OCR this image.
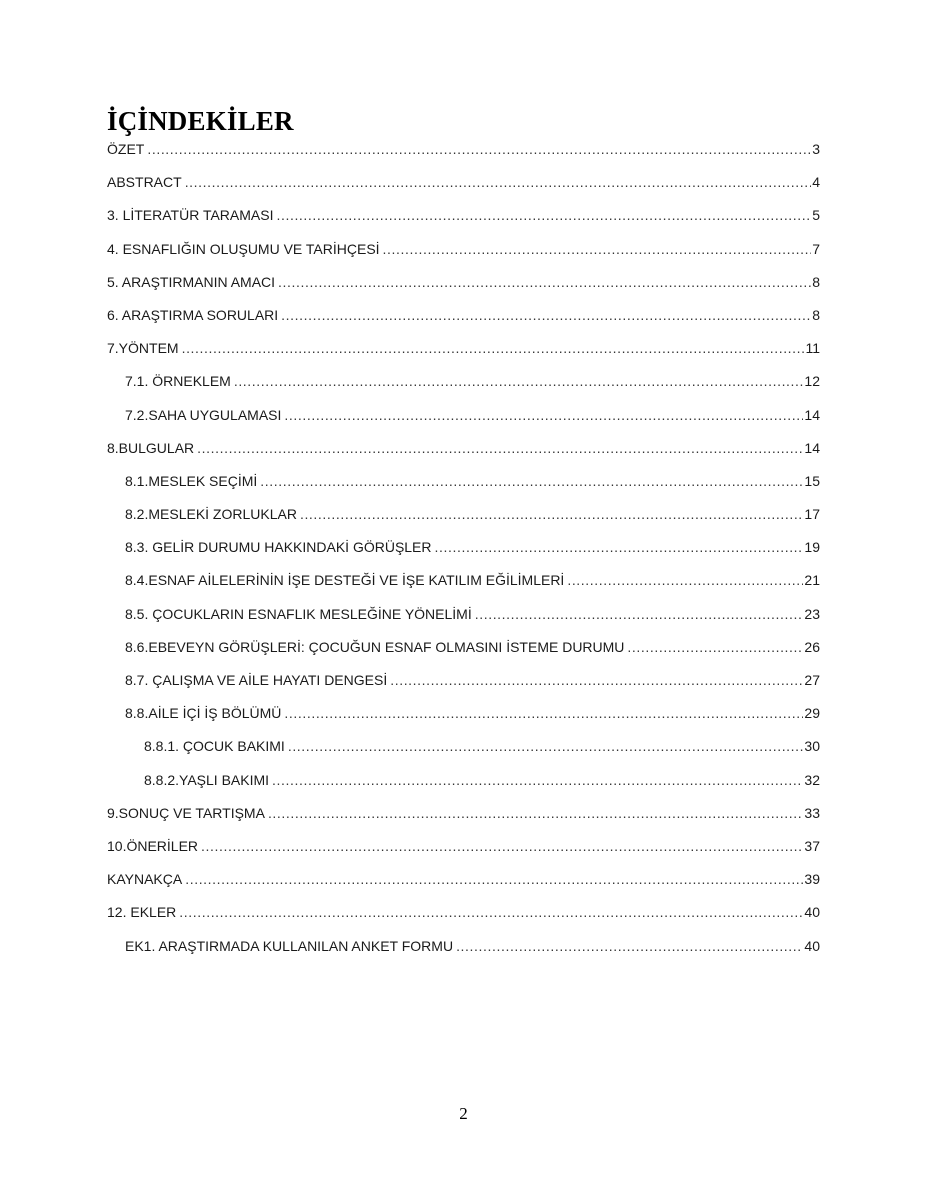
İÇİNDEKİLER
ÖZET .....	3
ABSTRACT .....	4
3. LİTERATÜR TARAMASI .....	5
4. ESNAFLIĞIN OLUŞUMU VE TARİHÇESİ .....	7
5. ARAŞTIRMANIN AMACI .....	8
6. ARAŞTIRMA SORULARI .....	8
7.YÖNTEM .....	11
7.1. ÖRNEKLEM .....	12
7.2.SAHA UYGULAMASI .....	14
8.BULGULAR .....	14
8.1.MESLEK SEÇİMİ .....	15
8.2.MESLEKİ ZORLUKLAR .....	17
8.3. GELİR DURUMU HAKKINDAKİ GÖRÜŞLER .....	19
8.4.ESNAF AİLELERİNİN İŞE DESTEĞİ VE İŞE KATILIM EĞİLİMLERİ .....	21
8.5. ÇOCUKLARIN ESNAFLIK MESLEĞİNE YÖNELİMİ .....	23
8.6.EBEVEYN GÖRÜŞLERİ: ÇOCUĞUN ESNAF OLMASINI İSTEME DURUMU .....	26
8.7. ÇALIŞMA VE AİLE HAYATI DENGESİ .....	27
8.8.AİLE İÇİ İŞ BÖLÜMÜ .....	29
8.8.1. ÇOCUK BAKIMI .....	30
8.8.2.YAŞLI BAKIMI .....	32
9.SONUÇ VE TARTIŞMA .....	33
10.ÖNERİLER .....	37
KAYNAKÇA .....	39
12. EKLER .....	40
EK1. ARAŞTIRMADA KULLANILAN ANKET FORMU .....	40
2
